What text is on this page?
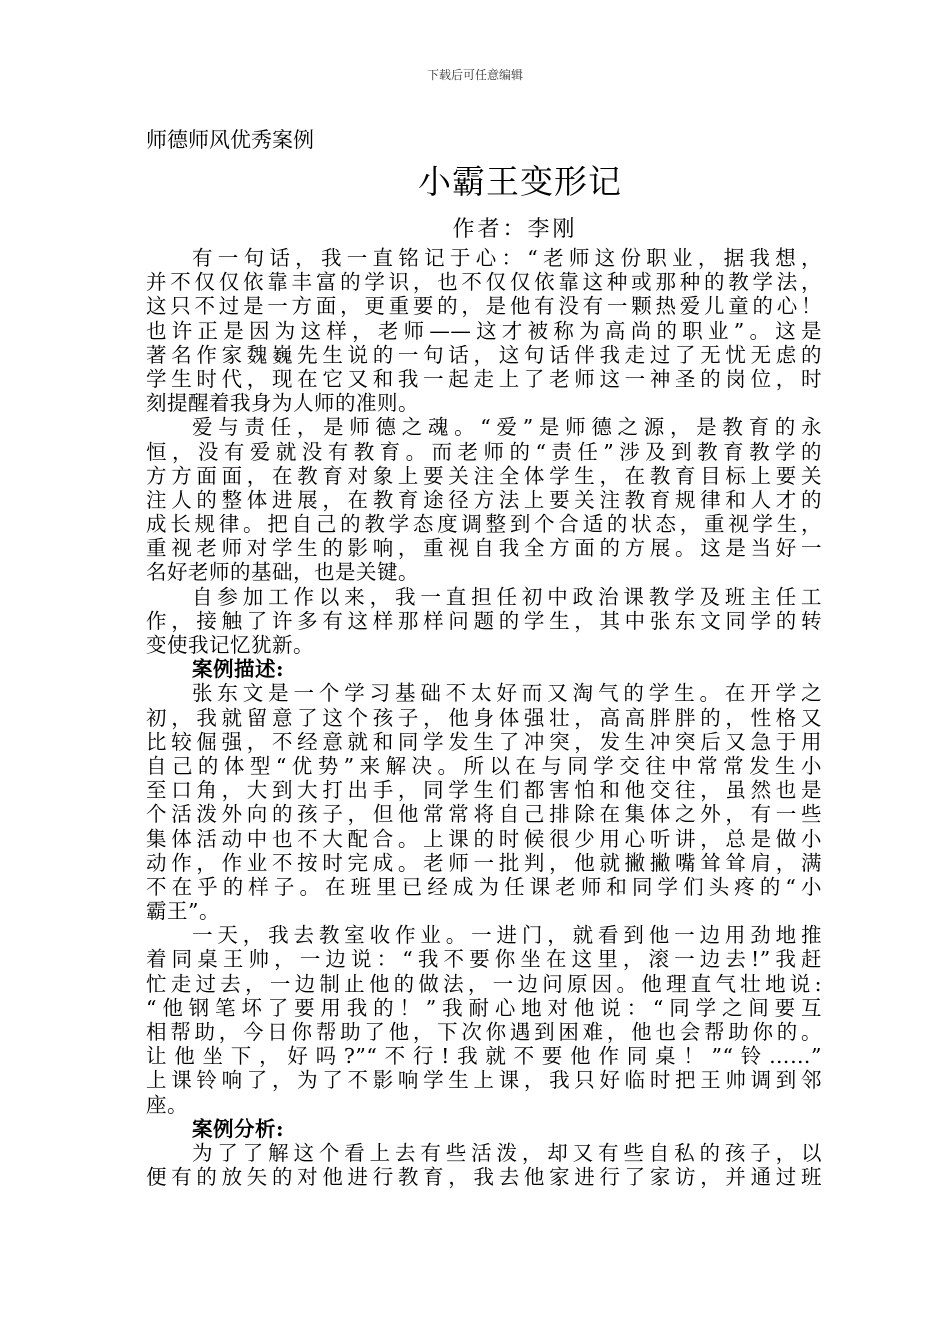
下载后可任意编辑
师德师风优秀案例
小霸王变形记
作者：李刚
有一句话，我一直铭记于心：“老师这份职业，据我想，
并不仅仅依靠丰富的学识，也不仅仅依靠这种或那种的教学法，
这只不过是一方面，更重要的，是他有没有一颗热爱儿童的心！
也许正是因为这样，老师——这才被称为高尚的职业”。这是
著名作家魏巍先生说的一句话，这句话伴我走过了无忧无虑的
学生时代，现在它又和我一起走上了老师这一神圣的岗位，时
刻提醒着我身为人师的准则。
爱与责任，是师德之魂。“爱”是师德之源，是教育的永
恒，没有爱就没有教育。而老师的“责任”涉及到教育教学的
方方面面，在教育对象上要关注全体学生，在教育目标上要关
注人的整体进展，在教育途径方法上要关注教育规律和人才的
成长规律。把自己的教学态度调整到个合适的状态，重视学生，
重视老师对学生的影响，重视自我全方面的方展。这是当好一
名好老师的基础，也是关键。
自参加工作以来，我一直担任初中政治课教学及班主任工
作，接触了许多有这样那样问题的学生，其中张东文同学的转
变使我记忆犹新。
案例描述:
张东文是一个学习基础不太好而又淘气的学生。在开学之
初，我就留意了这个孩子，他身体强壮，高高胖胖的，性格又
比较倔强，不经意就和同学发生了冲突，发生冲突后又急于用
自己的体型“优势”来解决。所以在与同学交往中常常发生小
至口角，大到大打出手，同学生们都害怕和他交往，虽然也是
个活泼外向的孩子，但他常常将自己排除在集体之外，有一些
集体活动中也不大配合。上课的时候很少用心听讲，总是做小
动作，作业不按时完成。老师一批判，他就撇撇嘴耸耸肩，满
不在乎的样子。在班里已经成为任课老师和同学们头疼的“小
霸王”。
一天，我去教室收作业。一进门，就看到他一边用劲地推
着同桌王帅，一边说：“我不要你坐在这里，滚一边去!”我赶
忙走过去，一边制止他的做法，一边问原因。他理直气壮地说:
“他钢笔坏了要用我的！”我耐心地对他说：“同学之间要互
相帮助，今日你帮助了他，下次你遇到困难，他也会帮助你的。
让他坐下，好吗?”“不行!我就不要他作同桌！”“铃……”
上课铃响了，为了不影响学生上课，我只好临时把王帅调到邻
座。
案例分析:
为了了解这个看上去有些活泼，却又有些自私的孩子，以
便有的放矢的对他进行教育，我去他家进行了家访，并通过班
